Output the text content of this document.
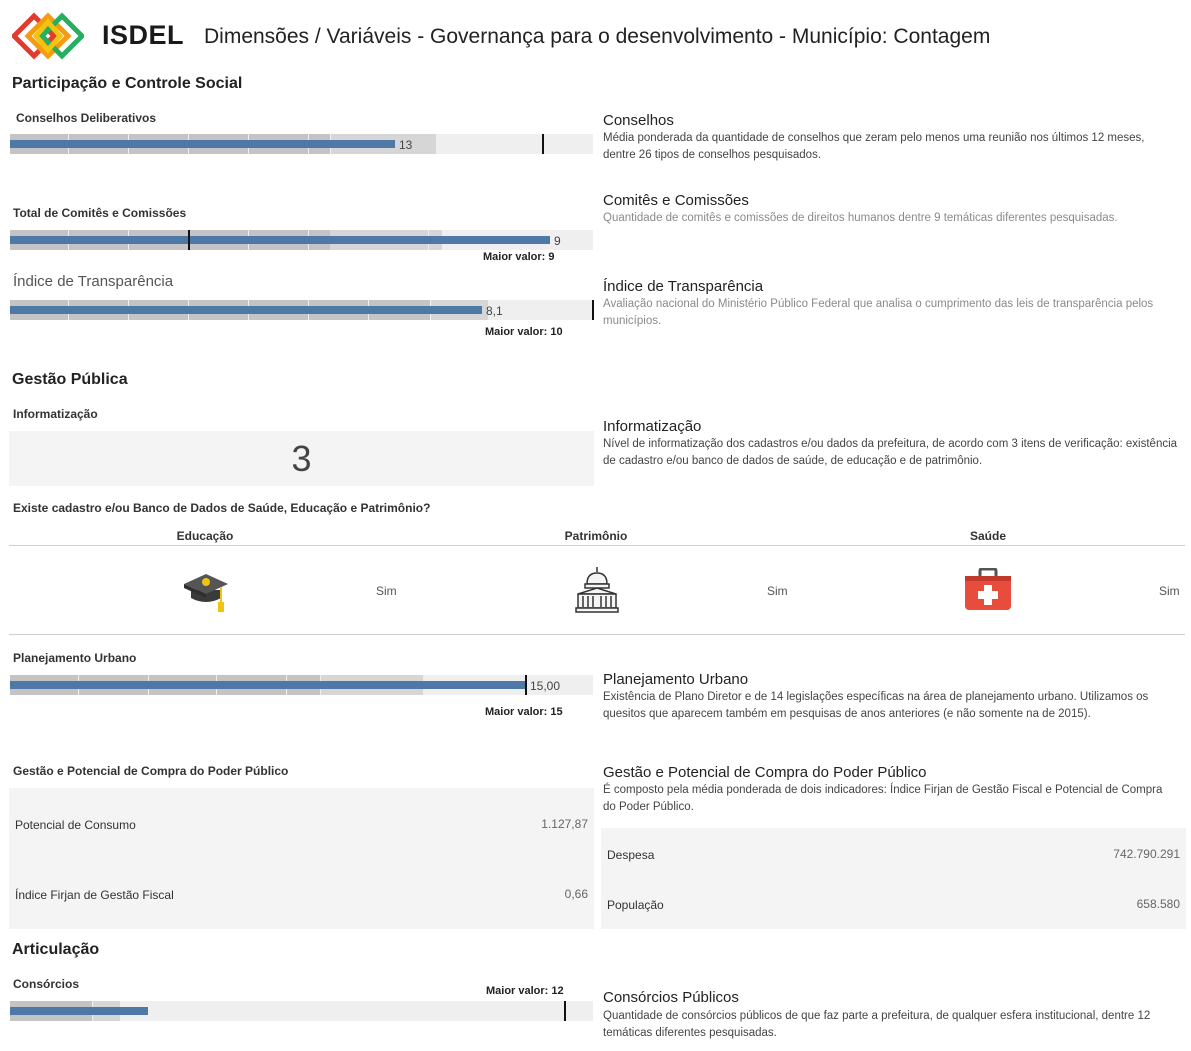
ISDEL Dimensões / Variáveis - Governança para o desenvolvimento - Município: Contagem
Participação e Controle Social
Conselhos Deliberativos
13
Conselhos
Média ponderada da quantidade de conselhos que zeram pelo menos uma reunião nos últimos 12 meses, dentre 26 tipos de conselhos pesquisados.
Total de Comitês e Comissões
9
Maior valor: 9
Comitês e Comissões
Quantidade de comitês e comissões de direitos humanos dentre 9 temáticas diferentes pesquisadas.
Índice de Transparência
8,1
Maior valor: 10
Índice de Transparência
Avaliação nacional do Ministério Público Federal que analisa o cumprimento das leis de transparência pelos municípios.
Gestão Pública
Informatização
3
Informatização
Nível de informatização dos cadastros e/ou dados da prefeitura, de acordo com 3 itens de verificação: existência de cadastro e/ou banco de dados de saúde, de educação e de patrimônio.
Existe cadastro e/ou Banco de Dados de Saúde, Educação e Patrimônio?
Educação	Patrimônio	Saúde
Sim	Sim	Sim
Planejamento Urbano
15,00
Maior valor: 15
Planejamento Urbano
Existência de Plano Diretor e de 14 legislações específicas na área de planejamento urbano. Utilizamos os quesitos que aparecem também em pesquisas de anos anteriores (e não somente na de 2015).
Gestão e Potencial de Compra do Poder Público
Potencial de Consumo	1.127,87
Índice Firjan de Gestão Fiscal	0,66
Gestão e Potencial de Compra do Poder Público
É composto pela média ponderada de dois indicadores: Índice Firjan de Gestão Fiscal e Potencial de Compra do Poder Público.
Despesa	742.790.291
População	658.580
Articulação
Consórcios	Maior valor: 12	Consórcios Públicos
Quantidade de consórcios públicos de que faz parte a prefeitura, de qualquer esfera institucional, dentre 12 temáticas diferentes pesquisadas.
